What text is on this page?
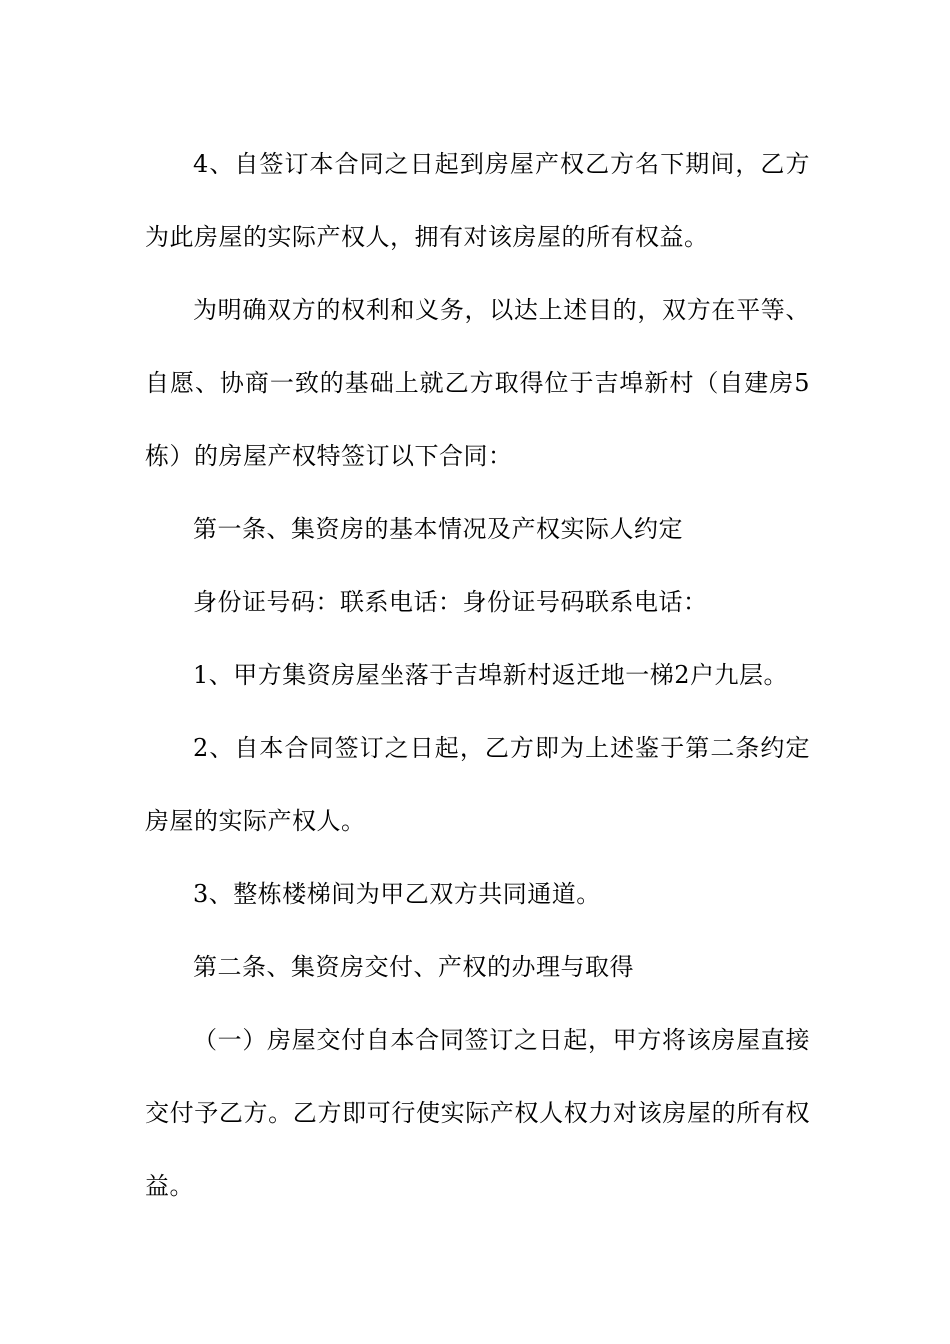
4、自签订本合同之日起到房屋产权乙方名下期间，乙方为此房屋的实际产权人，拥有对该房屋的所有权益。

为明确双方的权利和义务，以达上述目的，双方在平等、自愿、协商一致的基础上就乙方取得位于吉埠新村（自建房5栋）的房屋产权特签订以下合同：

第一条、集资房的基本情况及产权实际人约定

身份证号码：联系电话：身份证号码联系电话：

1、甲方集资房屋坐落于吉埠新村返迁地一梯2户九层。

2、自本合同签订之日起，乙方即为上述鉴于第二条约定房屋的实际产权人。

3、整栋楼梯间为甲乙双方共同通道。

第二条、集资房交付、产权的办理与取得

（一）房屋交付自本合同签订之日起，甲方将该房屋直接交付予乙方。乙方即可行使实际产权人权力对该房屋的所有权益。
